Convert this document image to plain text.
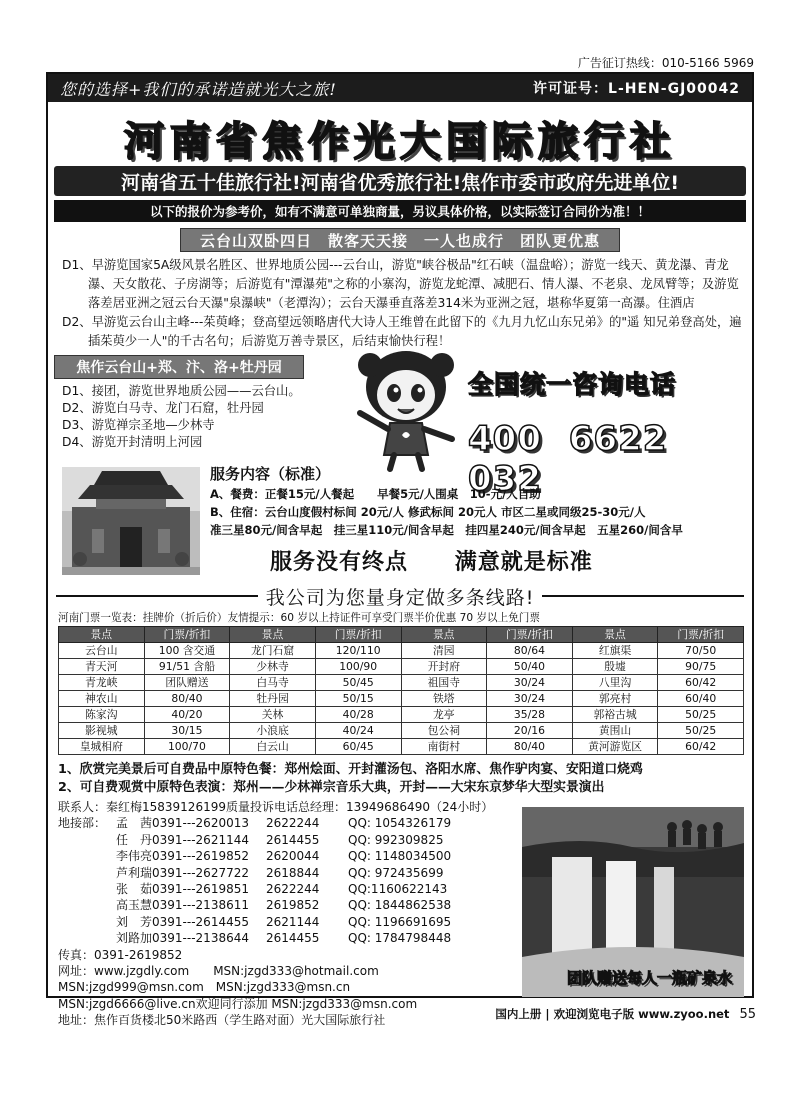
广告征订热线：010-5166 5969
您的选择+我们的承诺造就光大之旅!	许可证号：L-HEN-GJ00042
河南省焦作光大国际旅行社
河南省五十佳旅行社!河南省优秀旅行社!焦作市委市政府先进单位!
以下的报价为参考价，如有不满意可单独商量，另议具体价格，以实际签订合同价为准！！
云台山双卧四日　散客天天接　一人也成行　团队更优惠

D1、早游览国家5A级风景名胜区、世界地质公园---云台山，游览"峡谷极品"红石峡（温盘峪）；游览一线天、黄龙瀑、青龙瀑、天女散花、子房湖等；后游览有"潭瀑苑"之称的小寨沟，游览龙蛇潭、减肥石、情人瀑、不老泉、龙凤臂等；及游览落差居亚洲之冠云台天瀑"泉瀑峡"（老潭沟）；云台天瀑垂直落差314米为亚洲之冠，堪称华夏第一高瀑。住酒店

D2、早游览云台山主峰---茱萸峰；登高望远领略唐代大诗人王维曾在此留下的《九月九忆山东兄弟》的"遥 知兄弟登高处，遍插茱萸少一人"的千古名句；后游览万善寺景区，后结束愉快行程！

焦作云台山+郑、汴、洛+牡丹园
D1、接团，游览世界地质公园——云台山。
D2、游览白马寺、龙门石窟，牡丹园
D3、游览禅宗圣地—少林寺
D4、游览开封清明上河园
全国统一咨询电话
400 6622 032
服务内容（标准）
A、餐费：正餐15元/人餐起　　早餐5元/人围桌　10-元/人自助
B、住宿：云台山度假村标间 20元/人 修武标间 20元人 市区二星或同级25-30元/人
准三星80元/间含早起　挂三星110元/间含早起　挂四星240元/间含早起　五星260/间含早
服务没有终点 满意就是标准
我公司为您量身定做多条线路!
河南门票一览表：挂牌价（折后价）友情提示：60 岁以上持证件可享受门票半价优惠 70 岁以上免门票
景点	门票/折扣	景点	门票/折扣	景点	门票/折扣	景点	门票/折扣
云台山	100 含交通	龙门石窟	120/110	清园	80/64	红旗渠	70/50
青天河	91/51 含船	少林寺	100/90	开封府	50/40	殷墟	90/75
青龙峡	团队赠送	白马寺	50/45	祖国寺	30/24	八里沟	60/42
神农山	80/40	牡丹园	50/15	铁塔	30/24	郭亮村	60/40
陈家沟	40/20	关林	40/28	龙亭	35/28	郭裕古城	50/25
影视城	30/15	小浪底	40/24	包公祠	20/16	黄围山	50/25
皇城相府	100/70	白云山	60/45	南街村	80/40	黄河游览区	60/42
1、欣赏完美景后可自费品中原特色餐：郑州烩面、开封灌汤包、洛阳水席、焦作驴肉宴、安阳道口烧鸡
2、可自费观赏中原特色表演：郑州——少林禅宗音乐大典，开封——大宋东京梦华大型实景演出
联系人：秦红梅15839126199质量投诉电话总经理：13949686490（24小时）
地接部： 孟　茜0391---2620013	2622244	QQ: 1054326179
任　丹0391---2621144	2614455	QQ: 992309825
李伟亮0391---2619852	2620044	QQ: 1148034500
芦利瑞0391---2627722	2618844	QQ: 972435699
张　茹0391---2619851	2622244	QQ:1160622143
高玉慧0391---2138611	2619852	QQ: 1844862538
刘　芳0391---2614455	2621144	QQ: 1196691695
刘路加0391---2138644	2614455	QQ: 1784798448
传真：0391-2619852
网址：www.jzgdly.com　　MSN:jzgd333@hotmail.com
MSN:jzgd999@msn.com　MSN:jzgd333@msn.cn
MSN:jzgd6666@live.cn欢迎同行添加 MSN:jzgd333@msn.com
地址：焦作百货楼北50米路西（学生路对面）光大国际旅行社
团队赠送每人一瓶矿泉水
国内上册 | 欢迎浏览电子版 www.zyoo.net 55
